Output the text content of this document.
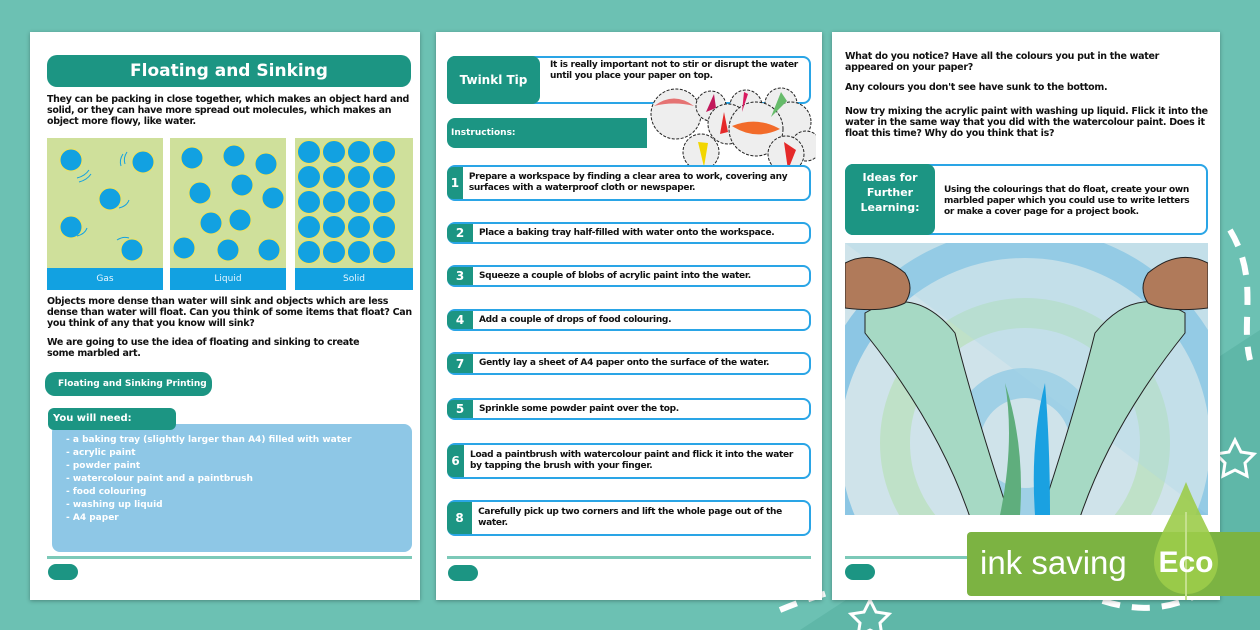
Floating and Sinking
They can be packing in close together, which makes an object hard and solid, or they can have more spread out molecules, which makes an object more flowy, like water.
Gas	Liquid	Solid
Objects more dense than water will sink and objects which are less dense than water will float. Can you think of some items that float? Can you think of any that you know will sink?
We are going to use the idea of floating and sinking to create some marbled art.
Floating and Sinking Printing
- a baking tray (slightly larger than A4) filled with water
- acrylic paint
- powder paint
- watercolour paint and a paintbrush
- food colouring
- washing up liquid
- A4 paper
You will need:
Twinkl Tip
It is really important not to stir or disrupt the water until you place your paper on top.
Instructions:
1	Prepare a workspace by finding a clear area to work, covering any surfaces with a waterproof cloth or newspaper.
2	Place a baking tray half-filled with water onto the workspace.
3	Squeeze a couple of blobs of acrylic paint into the water.
4	Add a couple of drops of food colouring.
7	Gently lay a sheet of A4 paper onto the surface of the water.
5	Sprinkle some powder paint over the top.
6	Load a paintbrush with watercolour paint and flick it into the water by tapping the brush with your finger.
8	Carefully pick up two corners and lift the whole page out of the water.
What do you notice? Have all the colours you put in the water appeared on your paper?
Any colours you don't see have sunk to the bottom.
Now try mixing the acrylic paint with washing up liquid. Flick it into the water in the same way that you did with the watercolour paint. Does it float this time? Why do you think that is?
Ideas for Further Learning:
Using the colourings that do float, create your own marbled paper which you could use to write letters or make a cover page for a project book.
ink saving Eco
